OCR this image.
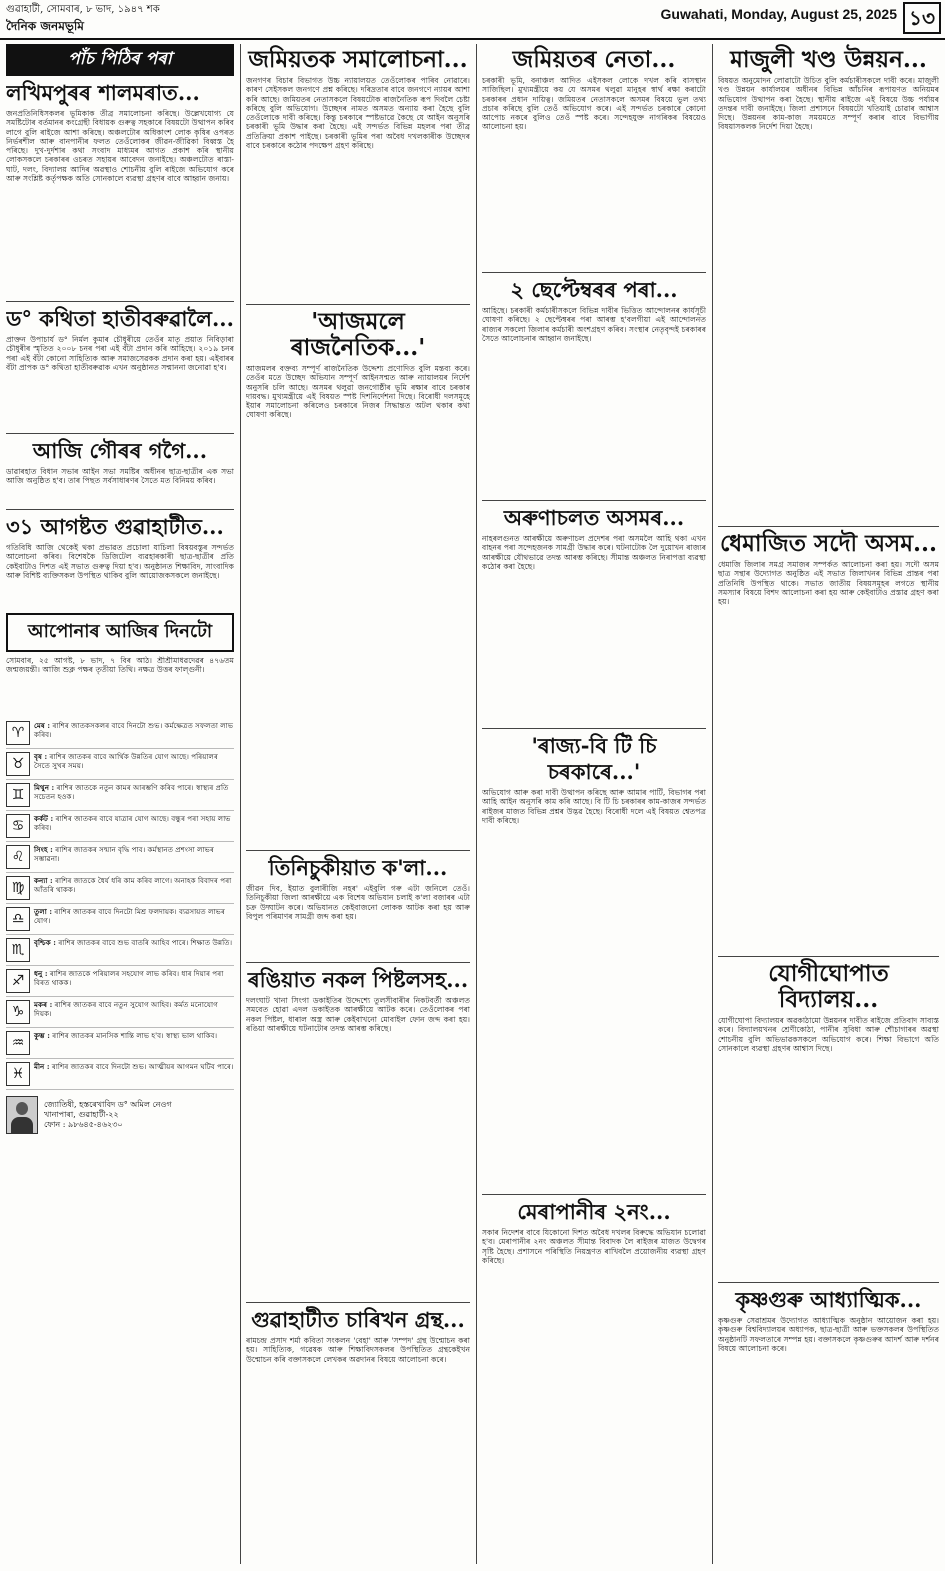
গুৱাহাটী, সোমবাৰ, ৮ ভাদ, ১৯৪৭ শক
দৈনিক জনমভূমি
Guwahati, Monday, August 25, 2025 ১৩
পাঁচ পিঠিৰ পৰা
লখিমপুৰৰ শালমৰাত...
জনপ্ৰতিনিধিসকলৰ ভূমিকাক তীব্ৰ সমালোচনা কৰিছে। উল্লেখযোগ্য যে সমষ্টিটোৰ বৰ্তমানৰ কংগ্ৰেছী বিধায়ক গুৰুত্ব সহকাৰে বিষয়টো উত্থাপন কৰিব লাগে বুলি ৰাইজে আশা কৰিছে। অঞ্চলটোৰ অধিকাংশ লোক কৃষিৰ ওপৰত নিৰ্ভৰশীল আৰু বানপানীৰ ফলত তেওঁলোকৰ জীৱন-জীৱিকা বিধ্বস্ত হৈ পৰিছে। দুখ-দুৰ্দশাৰ কথা সংবাদ মাধ্যমৰ আগত প্ৰকাশ কৰি স্থানীয় লোকসকলে চৰকাৰৰ ওচৰত সহায়ৰ আবেদন জনাইছে। অঞ্চলটোত ৰাস্তা-ঘাট, দলং, বিদ্যালয় আদিৰ অৱস্থাও শোচনীয় বুলি ৰাইজে অভিযোগ কৰে আৰু সংশ্লিষ্ট কৰ্তৃপক্ষক অতি সোনকালে ব্যৱস্থা গ্ৰহণৰ বাবে আহ্বান জনায়।
ড° কথিতা হাতীবৰুৱালৈ...
প্ৰাক্তন উপাচাৰ্য ড° নিৰ্মল কুমাৰ চৌধুৰীয়ে তেওঁৰ মাতৃ প্ৰয়াত নিবিড়াৰা চৌধুৰীৰ স্মৃতিত ২০০৮ চনৰ পৰা এই বঁটা প্ৰদান কৰি আহিছে। ২০১৯ চনৰ পৰা এই বঁটা কোনো সাহিত্যিক আৰু সমাজসেৱকক প্ৰদান কৰা হয়। এইবাৰৰ বঁটা প্ৰাপক ড° কথিতা হাতীবৰুৱাক এখন অনুষ্ঠানত সন্মাননা জনোৱা হ'ব।
আজি গৌৰৰ গগৈ...
ডাৱাৰহাত বিধান সভাৰ আইন সভা সমষ্টিৰ অধীনৰ ছাত্ৰ-ছাত্ৰীৰ এক সভা আজি অনুষ্ঠিত হ'ব। তাৰ পিছত সৰ্বসাধাৰণৰ সৈতে মত বিনিময় কৰিব।
৩১ আগষ্টত গুৱাহাটীত...
গতিবিধি আজি থেকেই থকা প্ৰভাৱত প্ৰচোলা যাচিলা বিষয়বস্তুৰ সন্দৰ্ভত আলোচনা কৰিব। বিশেষকৈ ডিজিটেল ব্যৱহাৰকাৰী ছাত্ৰ-ছাত্ৰীৰ প্ৰতি কেইবাটাও দিশত এই সভাত গুৰুত্ব দিয়া হ'ব। অনুষ্ঠানত শিক্ষাবিদ, সাংবাদিক আৰু বিশিষ্ট ব্যক্তিসকল উপস্থিত থাকিব বুলি আয়োজকসকলে জনাইছে।
আপোনাৰ আজিৰ দিনটো
সোমবাৰ, ২৫ আগষ্ট, ৮ ভাদ, ৭ বিৰ আঠ। শ্ৰীশ্ৰীমাধৱদেৱৰ ৪৭৬তম জন্মজয়ন্তী। আজি শুক্ল পক্ষৰ তৃতীয়া তিথি। নক্ষত্ৰ উত্তৰ ফাল্গুনী।
♈	মেষ : ৰাশিৰ জাতকসকলৰ বাবে দিনটো শুভ। কৰ্মক্ষেত্ৰত সফলতা লাভ কৰিব।
♉	বৃষ : ৰাশিৰ জাতকৰ বাবে আৰ্থিক উন্নতিৰ যোগ আছে। পৰিয়ালৰ সৈতে সুখৰ সময়।
♊	মিথুন : ৰাশিৰ জাতকে নতুন কামৰ আৰম্ভণি কৰিব পাৰে। স্বাস্থ্যৰ প্ৰতি সচেতন হওক।
♋	কৰ্কট : ৰাশিৰ জাতকৰ বাবে যাত্ৰাৰ যোগ আছে। বন্ধুৰ পৰা সহায় লাভ কৰিব।
♌	সিংহ : ৰাশিৰ জাতকৰ সন্মান বৃদ্ধি পাব। কৰ্মস্থানত প্ৰশংসা লাভৰ সম্ভাৱনা।
♍	কন্যা : ৰাশিৰ জাতকে ধৈৰ্য ধৰি কাম কৰিব লাগে। অনাহক বিবাদৰ পৰা আঁতৰি থাকক।
♎	তুলা : ৰাশিৰ জাতকৰ বাবে দিনটো মিশ্ৰ ফলদায়ক। ব্যৱসায়ত লাভৰ যোগ।
♏	বৃশ্চিক : ৰাশিৰ জাতকৰ বাবে শুভ বাতৰি আহিব পাৰে। শিক্ষাত উন্নতি।
♐	ধনু : ৰাশিৰ জাতকে পৰিয়ালৰ সহযোগ লাভ কৰিব। ধাৰ দিয়াৰ পৰা বিৰত থাকক।
♑	মকৰ : ৰাশিৰ জাতকৰ বাবে নতুন সুযোগ আহিব। কৰ্মত মনোযোগ দিয়ক।
♒	কুম্ভ : ৰাশিৰ জাতকৰ মানসিক শান্তি লাভ হ'ব। স্বাস্থ্য ভাল থাকিব।
♓	মীন : ৰাশিৰ জাতকৰ বাবে দিনটো শুভ। আত্মীয়ৰ আগমন ঘটিব পাৰে।
জ্যোতিষী, হস্তৰেখাবিদ ড° অমিল নেওগ
খানাপাৰা, গুৱাহাটী-২২
ফোন : ৯৮৬৪৫-৪৬২৩০
জমিয়তক সমালোচনা...
জনগণৰ বিচাৰ বিভাগত উচ্চ ন্যায়ালয়ত তেওঁলোকৰ পাৰিব নোৱাৰে। কাৰণ সেইসকল জনগণে প্ৰশ্ন কৰিছে। দৰিদ্ৰতাৰ বাবে জনগণে ন্যায়ৰ আশা কৰি আছে। জমিয়তৰ নেতাসকলে বিষয়টোক ৰাজনৈতিক ৰূপ দিবলৈ চেষ্টা কৰিছে বুলি অভিযোগ। উচ্ছেদৰ নামত অসমত অন্যায় কৰা হৈছে বুলি তেওঁলোকে দাবী কৰিছে। কিন্তু চৰকাৰে স্পষ্টভাৱে কৈছে যে আইন অনুসৰি চৰকাৰী ভূমি উদ্ধাৰ কৰা হৈছে। এই সন্দৰ্ভত বিভিন্ন মহলৰ পৰা তীব্ৰ প্ৰতিক্ৰিয়া প্ৰকাশ পাইছে। চৰকাৰী ভূমিৰ পৰা অবৈধ দখলকাৰীক উচ্ছেদৰ বাবে চৰকাৰে কঠোৰ পদক্ষেপ গ্ৰহণ কৰিছে।
'আজমলে ৰাজনৈতিক...'
আজমলৰ বক্তব্য সম্পূৰ্ণ ৰাজনৈতিক উদ্দেশ্য প্ৰণোদিত বুলি মন্তব্য কৰে। তেওঁৰ মতে উচ্ছেদ অভিযান সম্পূৰ্ণ আইনসন্মত আৰু ন্যায়ালয়ৰ নিৰ্দেশ অনুসৰি চলি আছে। অসমৰ থলুৱা জনগোষ্ঠীৰ ভূমি ৰক্ষাৰ বাবে চৰকাৰ দায়বদ্ধ। মুখ্যমন্ত্ৰীয়ে এই বিষয়ত স্পষ্ট দিশনিৰ্দেশনা দিছে। বিৰোধী দলসমূহে ইয়াৰ সমালোচনা কৰিলেও চৰকাৰে নিজৰ সিদ্ধান্তত অটল থকাৰ কথা ঘোষণা কৰিছে।
তিনিচুকীয়াত ক'লা...
জীৱন দিব, ইয়াত বুলাৰীজি নহৰ' এইবুলি গৰু এটা জনিলে তেওঁ। তিনিচুকীয়া জিলা আৰক্ষীয়ে এক বিশেষ অভিযান চলাই ক'লা বজাৰৰ এটা চক্ৰ উদ্ঘাটন কৰে। অভিযানত কেইবাজনো লোকক আটক কৰা হয় আৰু বিপুল পৰিমাণৰ সামগ্ৰী জব্দ কৰা হয়।
ৰঙিয়াত নকল পিষ্টলসহ...
দলংঘাট খানা সিংগা ডকাইতিৰ উদ্দেশ্যে তুলসীবাৰীৰ নিকটবৰ্তী অঞ্চলত সমবেত হোৱা এদল ডকাইতক আৰক্ষীয়ে আটক কৰে। তেওঁলোকৰ পৰা নকল পিষ্টল, ধাৰাল অস্ত্ৰ আৰু কেইবাখনো মোবাইল ফোন জব্দ কৰা হয়। ৰঙিয়া আৰক্ষীয়ে ঘটনাটোৰ তদন্ত আৰম্ভ কৰিছে।
গুৱাহাটীত চাৰিখন গ্ৰন্থ...
ৰামচন্দ্ৰ প্ৰসাদ শৰ্মা কবিতা সংকলন 'বেহা' আৰু 'সম্পদ' গ্ৰন্থ উন্মোচন কৰা হয়। সাহিত্যিক, গৱেষক আৰু শিক্ষাবিদসকলৰ উপস্থিতিত গ্ৰন্থকেইখন উন্মোচন কৰি বক্তাসকলে লেখকৰ অৱদানৰ বিষয়ে আলোচনা কৰে।
জমিয়তৰ নেতা...
চৰকাৰী ভূমি, বনাঞ্চল আদিত এইসকল লোকে দখল কৰি বাসস্থান সাজিছিল। মুখ্যমন্ত্ৰীয়ে কয় যে অসমৰ থলুৱা মানুহৰ স্বাৰ্থ ৰক্ষা কৰাটো চৰকাৰৰ প্ৰধান দায়িত্ব। জমিয়তৰ নেতাসকলে অসমৰ বিষয়ে ভুল তথ্য প্ৰচাৰ কৰিছে বুলি তেওঁ অভিযোগ কৰে। এই সন্দৰ্ভত চৰকাৰে কোনো আপোচ নকৰে বুলিও তেওঁ স্পষ্ট কৰে। সন্দেহযুক্ত নাগৰিকৰ বিষয়েও আলোচনা হয়।
২ ছেপ্টেম্বৰৰ পৰা...
আহিছে। চৰকাৰী কৰ্মচাৰীসকলে বিভিন্ন দাবীৰ ভিত্তিত আন্দোলনৰ কাৰ্যসূচী ঘোষণা কৰিছে। ২ ছেপ্টেম্বৰৰ পৰা আৰম্ভ হ'বলগীয়া এই আন্দোলনত ৰাজ্যৰ সকলো জিলাৰ কৰ্মচাৰী অংশগ্ৰহণ কৰিব। সংস্থাৰ নেতৃবৃন্দই চৰকাৰৰ সৈতে আলোচনাৰ আহ্বান জনাইছে।
অৰুণাচলত অসমৰ...
নাহৰলগুনত আৰক্ষীয়ে অৰুণাচল প্ৰদেশৰ পৰা অসমলৈ আহি থকা এখন বাহনৰ পৰা সন্দেহজনক সামগ্ৰী উদ্ধাৰ কৰে। ঘটনাটোক লৈ দুয়োখন ৰাজ্যৰ আৰক্ষীয়ে যৌথভাৱে তদন্ত আৰম্ভ কৰিছে। সীমান্ত অঞ্চলত নিৰাপত্তা ব্যৱস্থা কঠোৰ কৰা হৈছে।
'ৰাজ্য-বি টি চি চৰকাৰে...'
অভিযোগ আৰু কৰা দাবী উত্থাপন কৰিছে আৰু আমাৰ পাৰ্টি, বিভাগৰ পৰা আহি আইন অনুসৰি কাম কৰি আছে। বি টি চি চৰকাৰৰ কাম-কাজৰ সন্দৰ্ভত ৰাইজৰ মাজত বিভিন্ন প্ৰশ্নৰ উদ্ভৱ হৈছে। বিৰোধী দলে এই বিষয়ত শ্বেতপত্ৰ দাবী কৰিছে।
মেৰাপানীৰ ২নং...
সকাৰ নিদেশৰ বাবে যিকোনো দিশত অবৈধ দখলৰ বিৰুদ্ধে অভিযান চলোৱা হ'ব। মেৰাপানীৰ ২নং অঞ্চলত সীমান্ত বিবাদক লৈ ৰাইজৰ মাজত উদ্বেগৰ সৃষ্টি হৈছে। প্ৰশাসনে পৰিস্থিতি নিয়ন্ত্ৰণত ৰাখিবলৈ প্ৰয়োজনীয় ব্যৱস্থা গ্ৰহণ কৰিছে।
মাজুলী খণ্ড উন্নয়ন...
বিষয়ত অনুমোদন লোৱাটো উচিত বুলি কৰ্মচাৰীসকলে দাবী কৰে। মাজুলী খণ্ড উন্নয়ন কাৰ্যালয়ৰ অধীনৰ বিভিন্ন আঁচনিৰ ৰূপায়ণত অনিয়মৰ অভিযোগ উত্থাপন কৰা হৈছে। স্থানীয় ৰাইজে এই বিষয়ে উচ্চ পৰ্যায়ৰ তদন্তৰ দাবী জনাইছে। জিলা প্ৰশাসনে বিষয়টো খতিয়াই চোৱাৰ আশ্বাস দিছে। উন্নয়নৰ কাম-কাজ সময়মতে সম্পূৰ্ণ কৰাৰ বাবে বিভাগীয় বিষয়াসকলক নিৰ্দেশ দিয়া হৈছে।
ধেমাজিত সদৌ অসম...
ধেমাজি জিলাৰ সমগ্ৰ সমাজৰ সম্পৰ্কত আলোচনা কৰা হয়। সদৌ অসম ছাত্ৰ সন্থাৰ উদ্যোগত অনুষ্ঠিত এই সভাত জিলাখনৰ বিভিন্ন প্ৰান্তৰ পৰা প্ৰতিনিধি উপস্থিত থাকে। সভাত জাতীয় বিষয়সমূহৰ লগতে স্থানীয় সমস্যাৰ বিষয়ে বিশদ আলোচনা কৰা হয় আৰু কেইবাটাও প্ৰস্তাৱ গ্ৰহণ কৰা হয়।
যোগীঘোপাত বিদ্যালয়...
যোগীঘোপা বিদ্যালয়ৰ অৱকাঠামো উন্নয়নৰ দাবীত ৰাইজে প্ৰতিবাদ সাব্যস্ত কৰে। বিদ্যালয়খনৰ শ্ৰেণীকোঠা, পানীৰ সুবিধা আৰু শৌচাগাৰৰ অৱস্থা শোচনীয় বুলি অভিভাৱকসকলে অভিযোগ কৰে। শিক্ষা বিভাগে অতি সোনকালে ব্যৱস্থা গ্ৰহণৰ আশ্বাস দিছে।
কৃষ্ণগুৰু আধ্যাত্মিক...
কৃষ্ণগুৰু সেৱাশ্ৰমৰ উদ্যোগত আধ্যাত্মিক অনুষ্ঠান আয়োজন কৰা হয়। কৃষ্ণগুৰু বিশ্ববিদ্যালয়ৰ অধ্যাপক, ছাত্ৰ-ছাত্ৰী আৰু ভক্তসকলৰ উপস্থিতিত অনুষ্ঠানটি সফলতাৰে সম্পন্ন হয়। বক্তাসকলে কৃষ্ণগুৰুৰ আদৰ্শ আৰু দৰ্শনৰ বিষয়ে আলোচনা কৰে।
